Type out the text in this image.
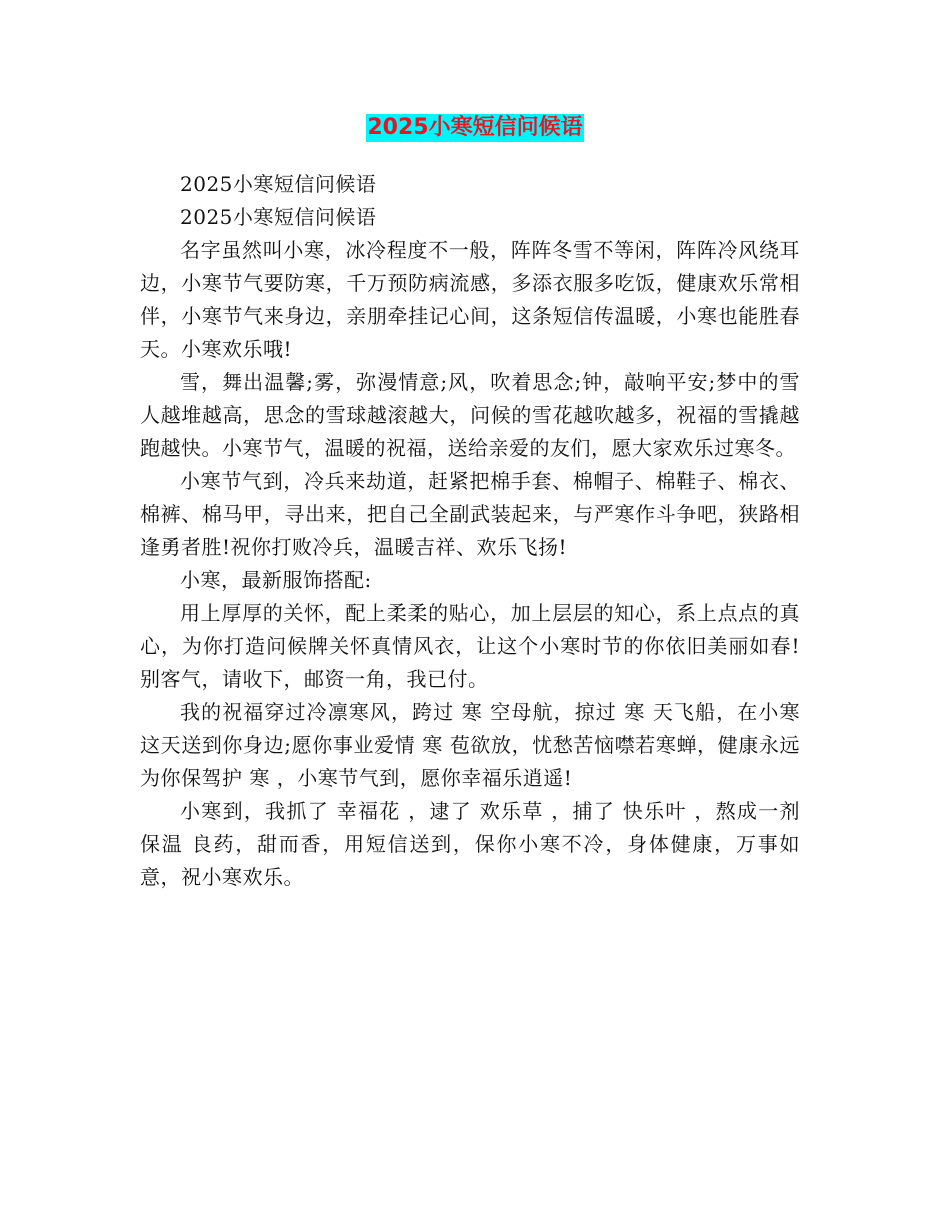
2025小寒短信问候语

2025小寒短信问候语

2025小寒短信问候语

名字虽然叫小寒，冰冷程度不一般，阵阵冬雪不等闲，阵阵冷风绕耳边，小寒节气要防寒，千万预防病流感，多添衣服多吃饭，健康欢乐常相伴，小寒节气来身边，亲朋牵挂记心间，这条短信传温暖，小寒也能胜春天。小寒欢乐哦!

雪，舞出温馨;雾，弥漫情意;风，吹着思念;钟，敲响平安;梦中的雪人越堆越高，思念的雪球越滚越大，问候的雪花越吹越多，祝福的雪撬越跑越快。小寒节气，温暖的祝福，送给亲爱的友们，愿大家欢乐过寒冬。

小寒节气到，冷兵来劫道，赶紧把棉手套、棉帽子、棉鞋子、棉衣、棉裤、棉马甲，寻出来，把自己全副武装起来，与严寒作斗争吧，狭路相逢勇者胜!祝你打败冷兵，温暖吉祥、欢乐飞扬!

小寒，最新服饰搭配:

用上厚厚的关怀，配上柔柔的贴心，加上层层的知心，系上点点的真心，为你打造问候牌关怀真情风衣，让这个小寒时节的你依旧美丽如春!别客气，请收下，邮资一角，我已付。

我的祝福穿过冷凛寒风，跨过 寒 空母航，掠过 寒 天飞船，在小寒这天送到你身边;愿你事业爱情 寒 苞欲放，忧愁苦恼噤若寒蝉，健康永远为你保驾护 寒 ，小寒节气到，愿你幸福乐逍遥!

小寒到，我抓了 幸福花 ，逮了 欢乐草 ，捕了 快乐叶 ，熬成一剂 保温 良药，甜而香，用短信送到，保你小寒不冷，身体健康，万事如意，祝小寒欢乐。
